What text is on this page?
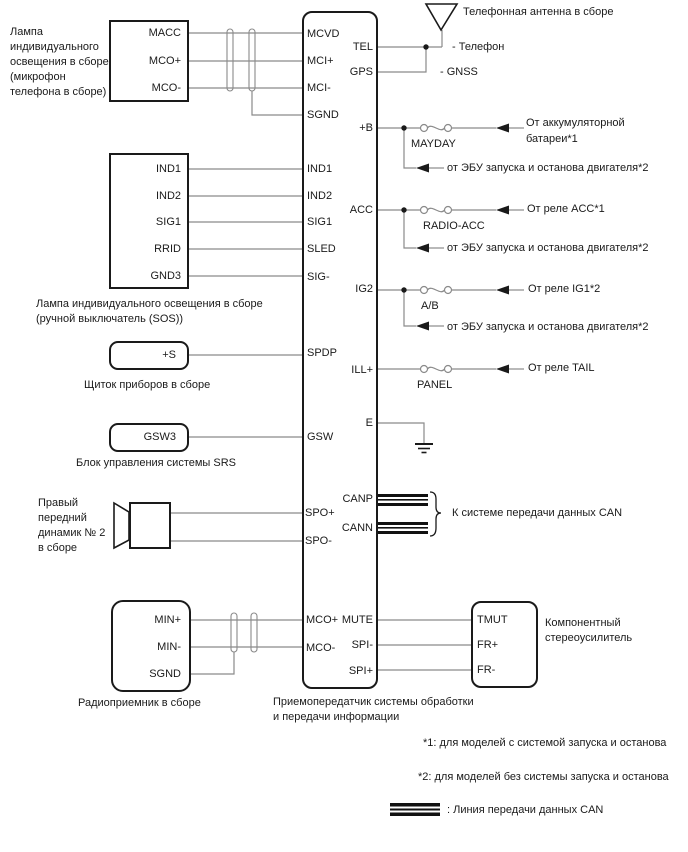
MCVD
MCI+
MCI-
SGND
IND1
IND2
SIG1
SLED
SIG-
SPDP
GSW
SPO+
SPO-
MCO+
MCO-
TEL
GPS
+B
ACC
IG2
ILL+
E
CANP
CANN
MUTE
SPI-
SPI+
Приемопередатчик системы обработки
и передачи информации
MACC
MCO+
MCO-
Лампа
индивидуального
освещения в сборе
(микрофон
телефона в сборе)
IND1
IND2
SIG1
RRID
GND3
Лампа индивидуального освещения в сборе
(ручной выключатель (SOS))
+S
Щиток приборов в сборе
GSW3
Блок управления системы SRS
Правый
передний
динамик № 2
в сборе
MIN+
MIN-
SGND
Радиоприемник в сборе
TMUT
FR+
FR-
Компонентный
стереоусилитель
Телефонная антенна в сборе
- Телефон
- GNSS
От аккумуляторной
батареи*1
MAYDAY
от ЭБУ запуска и останова двигателя*2
От реле ACC*1
RADIO-ACC
от ЭБУ запуска и останова двигателя*2
От реле IG1*2
A/B
от ЭБУ запуска и останова двигателя*2
От реле TAIL
PANEL
К системе передачи данных CAN
*1: для моделей с системой запуска и останова
*2: для моделей без системы запуска и останова
: Линия передачи данных CAN
